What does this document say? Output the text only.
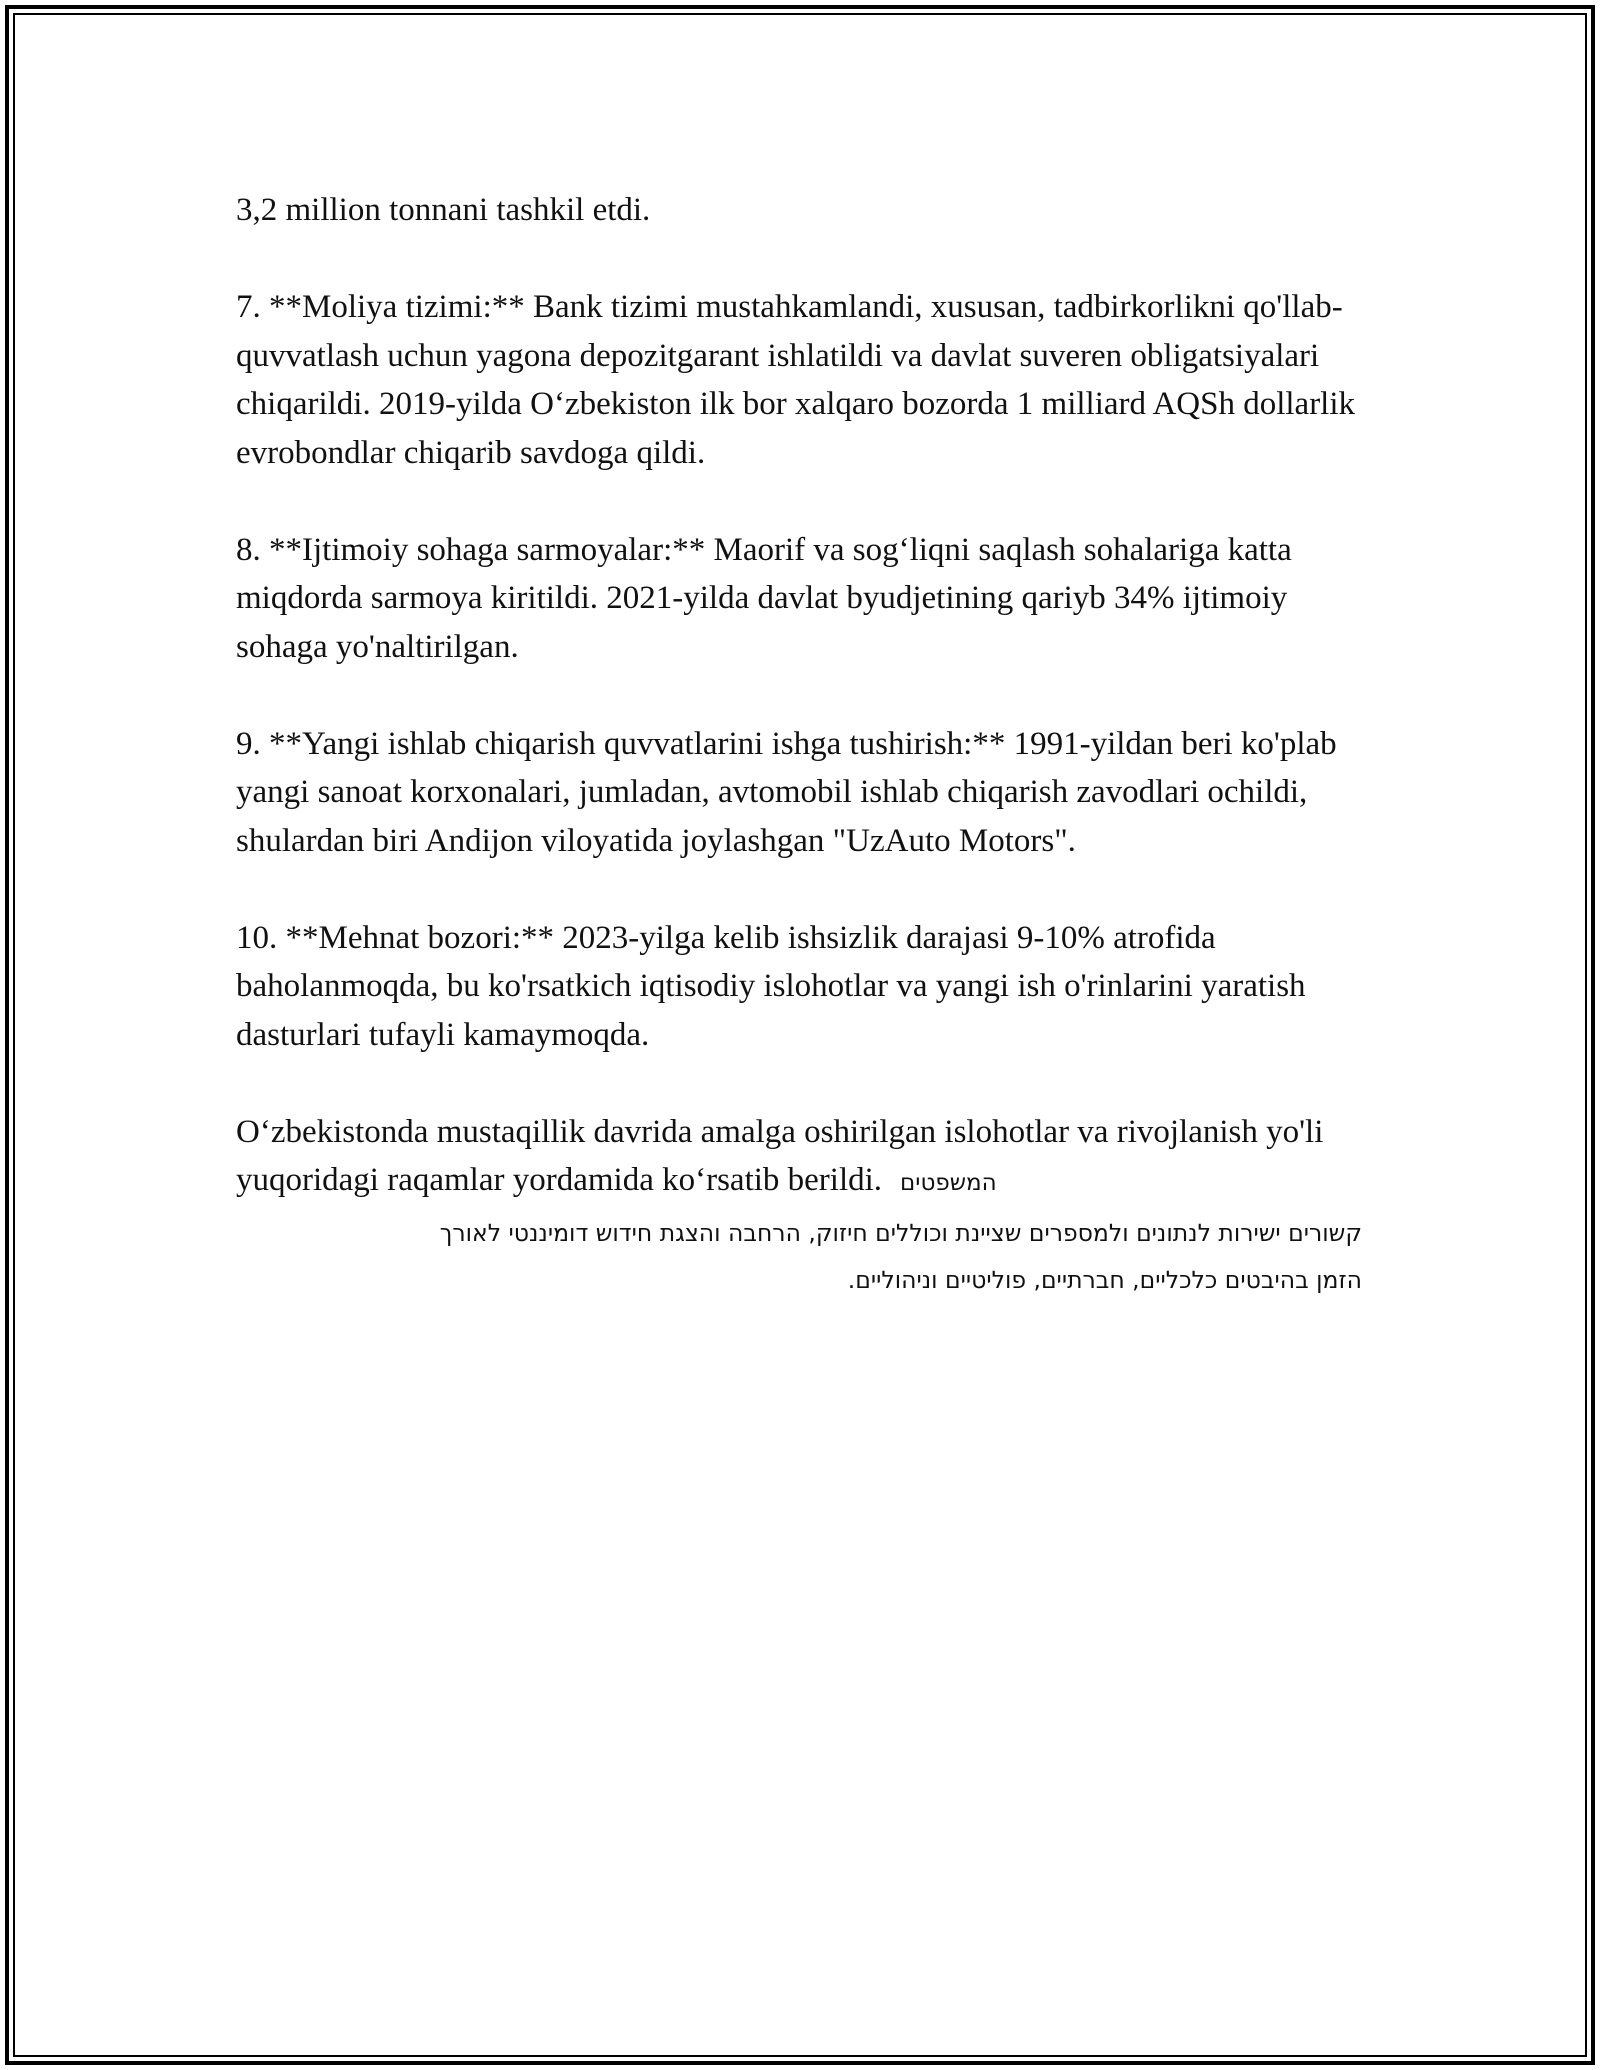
3,2 million tonnani tashkil etdi.

7. **Moliya tizimi:** Bank tizimi mustahkamlandi, xususan, tadbirkorlikni qo'llab-quvvatlash uchun yagona depozitgarant ishlatildi va davlat suveren obligatsiyalari chiqarildi. 2019-yilda O‘zbekiston ilk bor xalqaro bozorda 1 milliard AQSh dollarlik evrobondlar chiqarib savdoga qildi.

8. **Ijtimoiy sohaga sarmoyalar:** Maorif va sog‘liqni saqlash sohalariga katta miqdorda sarmoya kiritildi. 2021-yilda davlat byudjetining qariyb 34% ijtimoiy sohaga yo'naltirilgan.

9. **Yangi ishlab chiqarish quvvatlarini ishga tushirish:** 1991-yildan beri ko'plab yangi sanoat korxonalari, jumladan, avtomobil ishlab chiqarish zavodlari ochildi, shulardan biri Andijon viloyatida joylashgan "UzAuto Motors".

10. **Mehnat bozori:** 2023-yilga kelib ishsizlik darajasi 9-10% atrofida baholanmoqda, bu ko'rsatkich iqtisodiy islohotlar va yangi ish o'rinlarini yaratish dasturlari tufayli kamaymoqda.

O‘zbekistonda mustaqillik davrida amalga oshirilgan islohotlar va rivojlanish yo'li yuqoridagi raqamlar yordamida ko‘rsatib berildi. המשפטים
קשורים ישירות לנתונים ולמספרים שציינת וכוללים חיזוק, הרחבה והצגת חידוש דומיננטי לאורך
הזמן בהיבטים כלכליים, חברתיים, פוליטיים וניהוליים.
